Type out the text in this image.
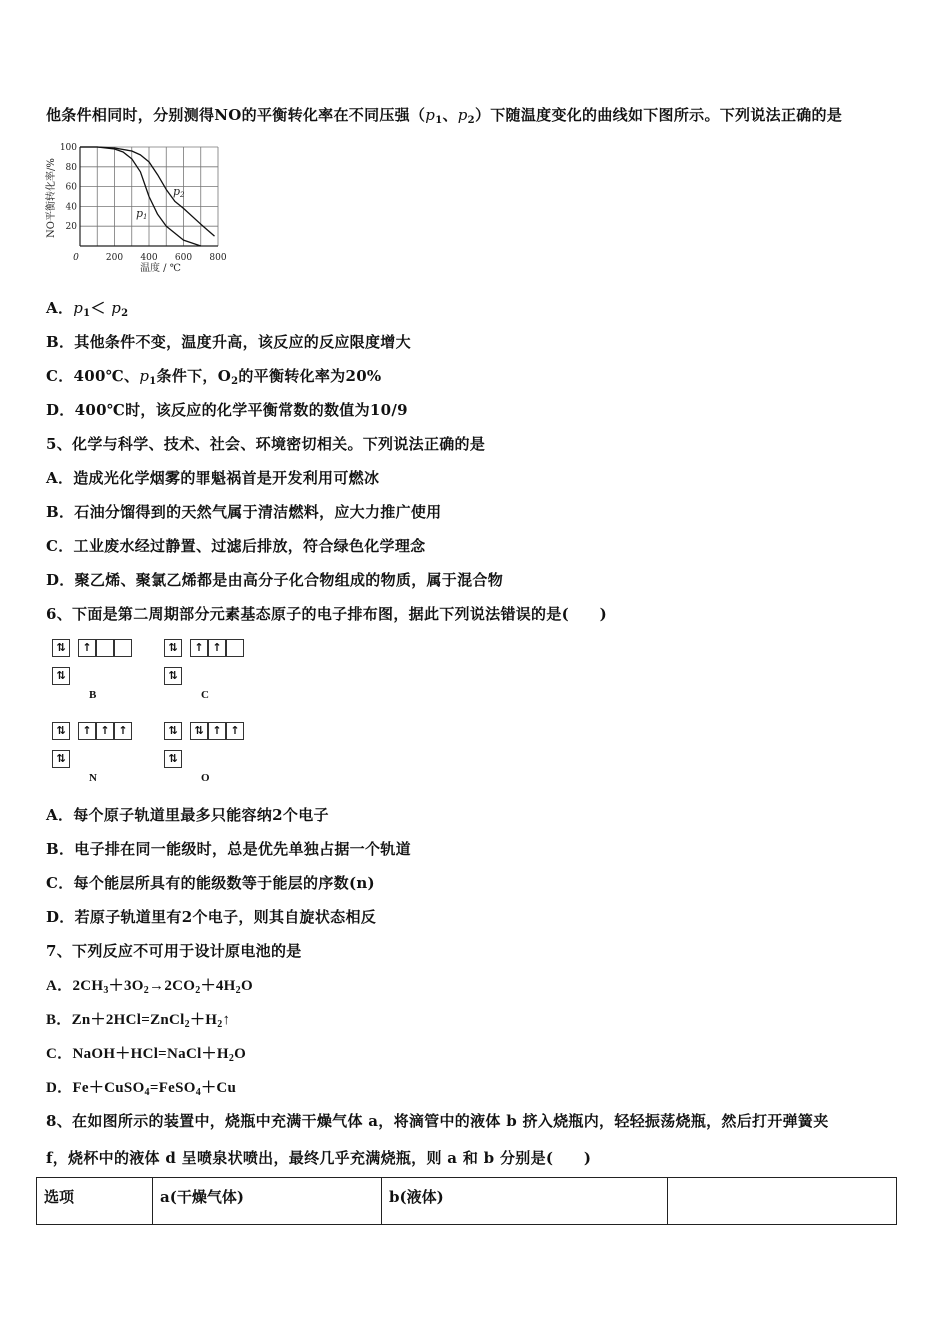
他条件相同时，分别测得NO的平衡转化率在不同压强（$p_1$、$p_2$）下随温度变化的曲线如下图所示。下列说法正确的是
20
40
60
80
100
0	200 400 600 800
NO平衡转化率/%
温度 / ℃
p1
p2
A．$p_1< p_2$
B．其他条件不变，温度升高，该反应的反应限度增大
C．400℃、$p_1$条件下，$O_2$的平衡转化率为20%
D．400℃时，该反应的化学平衡常数的数值为10/9
5、化学与科学、技术、社会、环境密切相关。下列说法正确的是
A．造成光化学烟雾的罪魁祸首是开发利用可燃冰
B．石油分馏得到的天然气属于清洁燃料，应大力推广使用
C．工业废水经过静置、过滤后排放，符合绿色化学理念
D．聚乙烯、聚氯乙烯都是由高分子化合物组成的物质，属于混合物
6、下面是第二周期部分元素基态原子的电子排布图，据此下列说法错误的是(　　)
⇅	↑
⇅
B
⇅	↑ ↑
⇅
C
⇅	↑ ↑ ↑
⇅
N
⇅	⇅ ↑ ↑
⇅
O
A．每个原子轨道里最多只能容纳2个电子
B．电子排在同一能级时，总是优先单独占据一个轨道
C．每个能层所具有的能级数等于能层的序数(n)
D．若原子轨道里有2个电子，则其自旋状态相反
7、下列反应不可用于设计原电池的是
A．$2CH_3+3O_2\to 2CO_2+4H_2O$
B．$Zn+2HCl=ZnCl_2+H_2↑$
C．$NaOH+HCl=NaCl+H_2O$
D．Fe＋CuSO$_4$=FeSO$_4$＋Cu
8、在如图所示的装置中，烧瓶中充满干燥气体 a，将滴管中的液体 b 挤入烧瓶内，轻轻振荡烧瓶，然后打开弹簧夹
f，烧杯中的液体 d 呈喷泉状喷出，最终几乎充满烧瓶，则 a 和 b 分别是(　　)
选项	a(干燥气体)	b(液体)	
